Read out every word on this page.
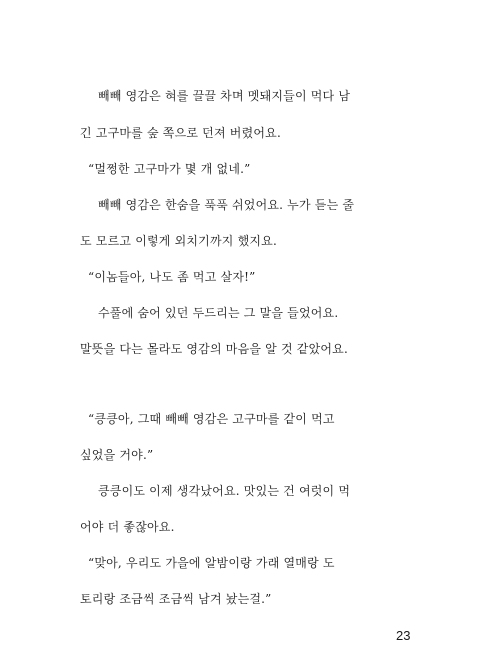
빼빼 영감은 혀를 끌끌 차며 멧돼지들이 먹다 남
긴 고구마를 숲 쪽으로 던져 버렸어요.
“멀쩡한 고구마가 몇 개 없네.”
빼빼 영감은 한숨을 푹푹 쉬었어요. 누가 듣는 줄
도 모르고 이렇게 외치기까지 했지요.
“이놈들아, 나도 좀 먹고 살자!”
수풀에 숨어 있던 두드리는 그 말을 들었어요.
말뜻을 다는 몰라도 영감의 마음을 알 것 같았어요.
“킁킁아, 그때 빼빼 영감은 고구마를 같이 먹고
싶었을 거야.”
킁킁이도 이제 생각났어요. 맛있는 건 여럿이 먹
어야 더 좋잖아요.
“맞아, 우리도 가을에 알밤이랑 가래 열매랑 도
토리랑 조금씩 조금씩 남겨 놨는걸.”
23
